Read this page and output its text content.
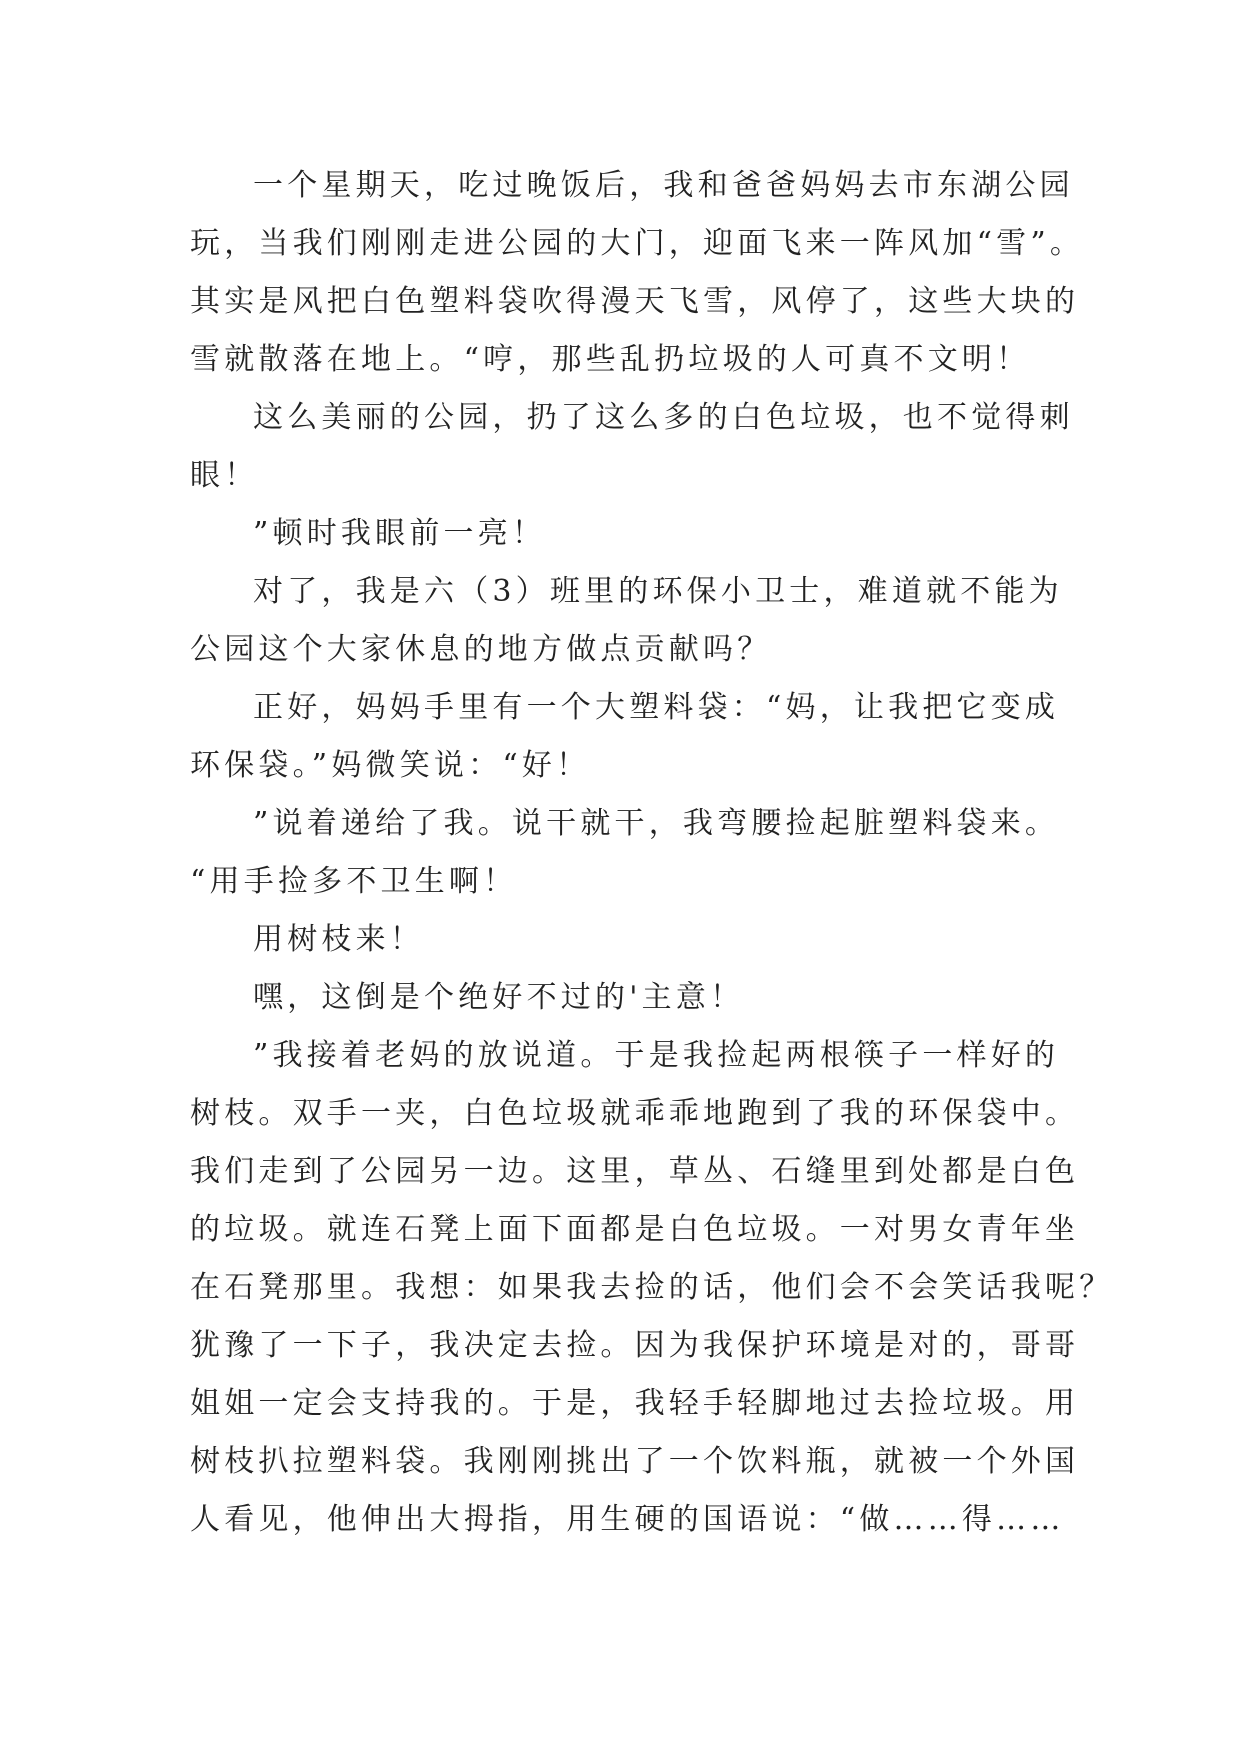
一个星期天，吃过晚饭后，我和爸爸妈妈去市东湖公园
玩，当我们刚刚走进公园的大门，迎面飞来一阵风加“雪”。
其实是风把白色塑料袋吹得漫天飞雪，风停了，这些大块的
雪就散落在地上。“哼，那些乱扔垃圾的人可真不文明！
这么美丽的公园，扔了这么多的白色垃圾，也不觉得刺
眼！
”顿时我眼前一亮！
对了，我是六（3）班里的环保小卫士，难道就不能为
公园这个大家休息的地方做点贡献吗？
正好，妈妈手里有一个大塑料袋：“妈，让我把它变成
环保袋。”妈微笑说：“好！
”说着递给了我。说干就干，我弯腰捡起脏塑料袋来。
“用手捡多不卫生啊！
用树枝来！
嘿，这倒是个绝好不过的'主意！
”我接着老妈的放说道。于是我捡起两根筷子一样好的
树枝。双手一夹，白色垃圾就乖乖地跑到了我的环保袋中。
我们走到了公园另一边。这里，草丛、石缝里到处都是白色
的垃圾。就连石凳上面下面都是白色垃圾。一对男女青年坐
在石凳那里。我想：如果我去捡的话，他们会不会笑话我呢？
犹豫了一下子，我决定去捡。因为我保护环境是对的，哥哥
姐姐一定会支持我的。于是，我轻手轻脚地过去捡垃圾。用
树枝扒拉塑料袋。我刚刚挑出了一个饮料瓶，就被一个外国
人看见，他伸出大拇指，用生硬的国语说：“做……得……
